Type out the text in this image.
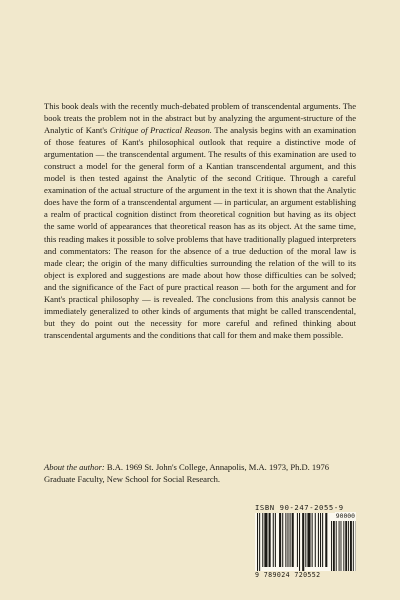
This book deals with the recently much-debated problem of transcendental arguments. The book treats the problem not in the abstract but by analyzing the argument-structure of the Analytic of Kant's Critique of Practical Reason. The analysis begins with an examination of those features of Kant's philosophical outlook that require a distinctive mode of argumentation — the transcendental argument. The results of this examination are used to construct a model for the general form of a Kantian transcendental argument, and this model is then tested against the Analytic of the second Critique. Through a careful examination of the actual structure of the argument in the text it is shown that the Analytic does have the form of a transcendental argument — in particular, an argument establishing a realm of practical cognition distinct from theoretical cognition but having as its object the same world of appearances that theoretical reason has as its object. At the same time, this reading makes it possible to solve problems that have traditionally plagued interpreters and commentators: The reason for the absence of a true deduction of the moral law is made clear; the origin of the many difficulties surrounding the relation of the will to its object is explored and suggestions are made about how those difficulties can be solved; and the significance of the Fact of pure practical reason — both for the argument and for Kant's practical philosophy — is revealed. The conclusions from this analysis cannot be immediately generalized to other kinds of arguments that might be called transcendental, but they do point out the necessity for more careful and refined thinking about transcendental arguments and the conditions that call for them and make them possible.

About the author: B.A. 1969 St. John's College, Annapolis, M.A. 1973, Ph.D. 1976 Graduate Faculty, New School for Social Research.

ISBN 90-247-2055-9
90000
9 789024 720552
